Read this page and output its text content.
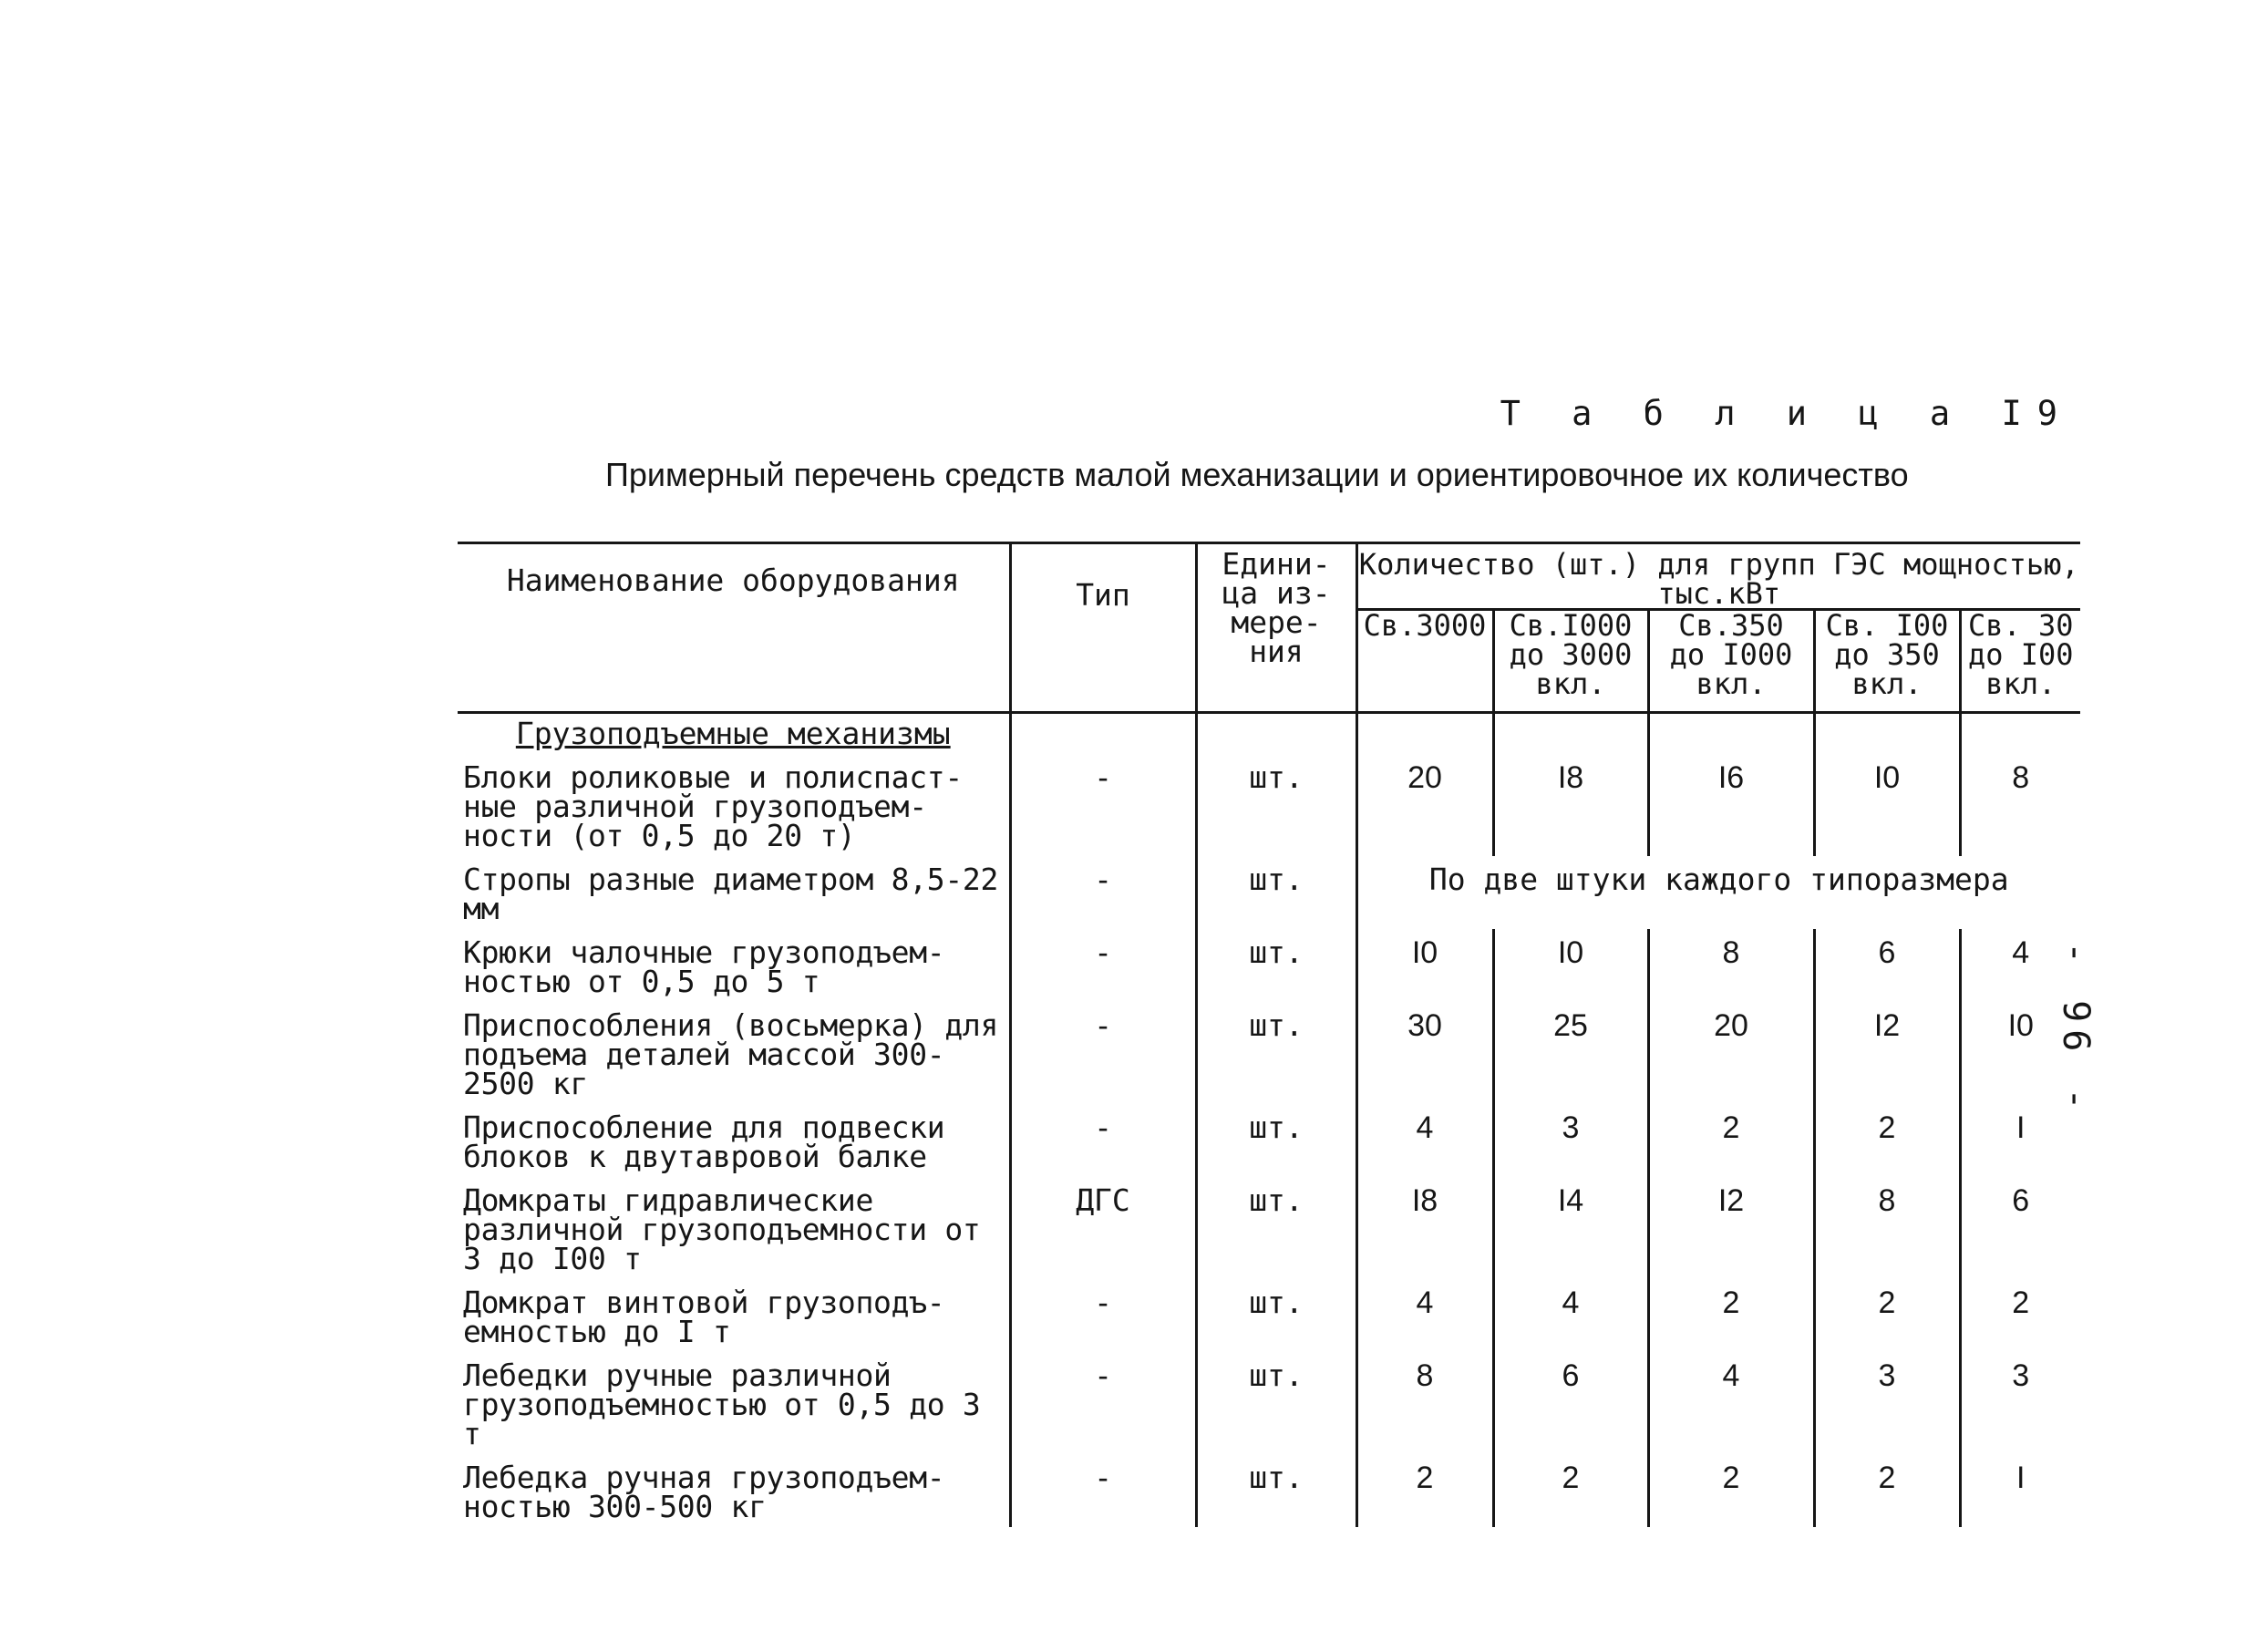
Т а б л и ц а I9
Примерный перечень средств малой механизации и ориентировочное их количество
- 96 -
Наименование оборудования	Тип	Едини- ца из- мере- ния	Количество (шт.) для групп ГЭС мощностью, тыс.кВт				
			Св.3000	Св.I000 до 3000 вкл.	Св.350 до I000 вкл.	Св. I00 до 350 вкл.	Св. 30 до I00 вкл.
Грузоподъемные механизмы							
Блоки роликовые и полиспаст- ные различной грузоподъем- ности (от 0,5 до 20 т)	-	шт.	20	I8	I6	I0	8
Стропы разные диаметром 8,5-22 мм	-	шт.	По две штуки каждого типоразмера				
Крюки чалочные грузоподъем- ностью от 0,5 до 5 т	-	шт.	I0	I0	8	6	4
Приспособления (восьмерка) для подъема деталей массой 300-2500 кг	-	шт.	30	25	20	I2	I0
Приспособление для подвески блоков к двутавровой балке	-	шт.	4	3	2	2	I
Домкраты гидравлические различной грузоподъемности от 3 до I00 т	ДГС	шт.	I8	I4	I2	8	6
Домкрат винтовой грузоподъ- емностью до I т	-	шт.	4	4	2	2	2
Лебедки ручные различной грузоподъемностью от 0,5 до 3 т	-	шт.	8	6	4	3	3
Лебедка ручная грузоподъем- ностью 300-500 кг	-	шт.	2	2	2	2	I
